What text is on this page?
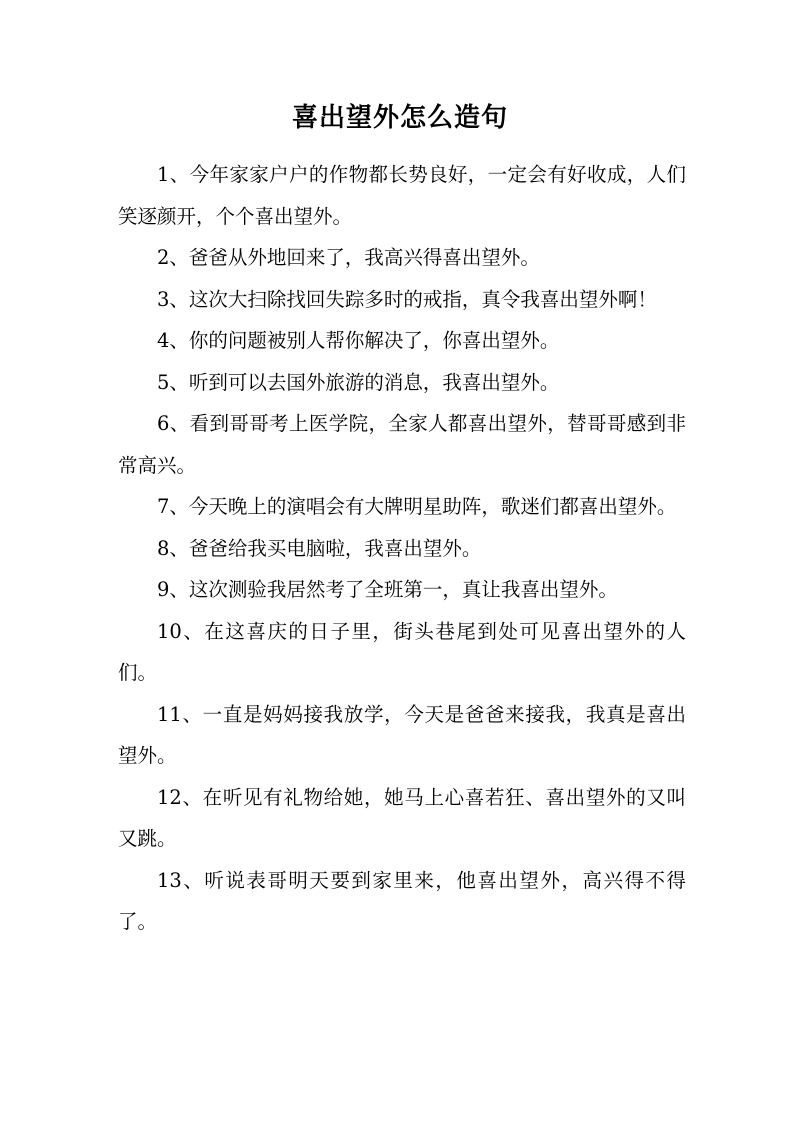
喜出望外怎么造句

1、今年家家户户的作物都长势良好，一定会有好收成，人们笑逐颜开，个个喜出望外。

2、爸爸从外地回来了，我高兴得喜出望外。

3、这次大扫除找回失踪多时的戒指，真令我喜出望外啊！

4、你的问题被别人帮你解决了，你喜出望外。

5、听到可以去国外旅游的消息，我喜出望外。

6、看到哥哥考上医学院，全家人都喜出望外，替哥哥感到非常高兴。

7、今天晚上的演唱会有大牌明星助阵，歌迷们都喜出望外。

8、爸爸给我买电脑啦，我喜出望外。

9、这次测验我居然考了全班第一，真让我喜出望外。

10、在这喜庆的日子里，街头巷尾到处可见喜出望外的人们。

11、一直是妈妈接我放学，今天是爸爸来接我，我真是喜出望外。

12、在听见有礼物给她，她马上心喜若狂、喜出望外的又叫又跳。

13、听说表哥明天要到家里来，他喜出望外，高兴得不得了。
